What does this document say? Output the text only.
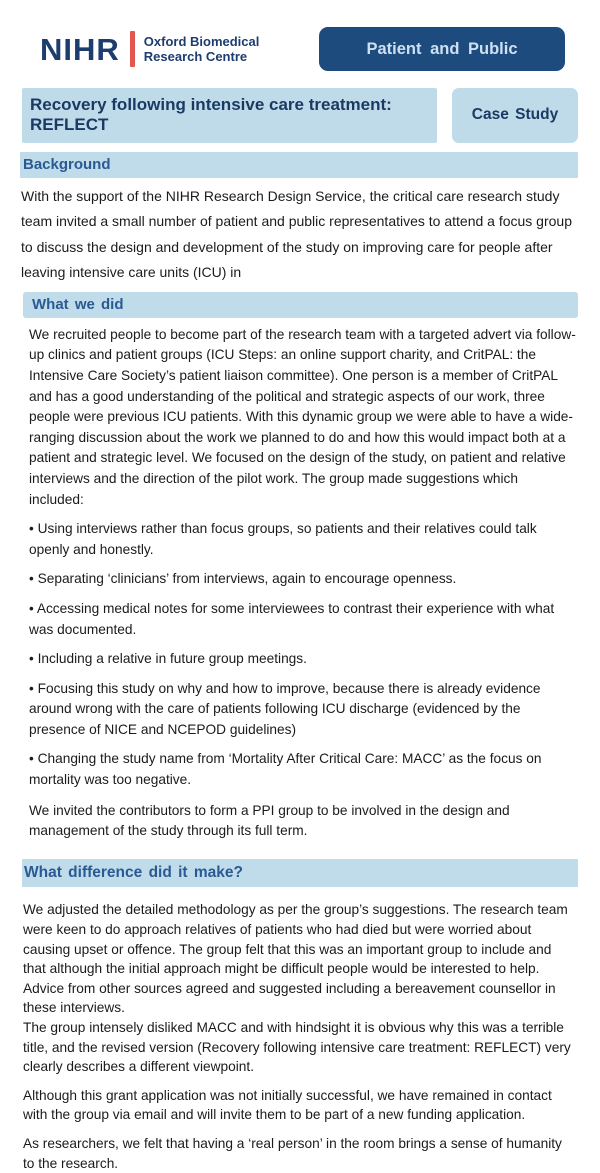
NIHR Oxford Biomedical
Research Centre	Patient and Public
Recovery following intensive care treatment: REFLECT
Case Study
Background

With the support of the NIHR Research Design Service, the critical care research study team invited a small number of patient and public representatives to attend a focus group to discuss the design and development of the study on improving care for people after leaving intensive care units (ICU) in

What we did

We recruited people to become part of the research team with a targeted advert via follow-up clinics and patient groups (ICU Steps: an online support charity, and CritPAL: the Intensive Care Society’s patient liaison committee). One person is a member of CritPAL and has a good understanding of the political and strategic aspects of our work, three people were previous ICU patients. With this dynamic group we were able to have a wide-ranging discussion about the work we planned to do and how this would impact both at a patient and strategic level. We focused on the design of the study, on patient and relative interviews and the direction of the pilot work. The group made suggestions which included:

• Using interviews rather than focus groups, so patients and their relatives could talk openly and honestly.

• Separating ‘clinicians’ from interviews, again to encourage openness.

• Accessing medical notes for some interviewees to contrast their experience with what was documented.

• Including a relative in future group meetings.

• Focusing this study on why and how to improve, because there is already evidence around wrong with the care of patients following ICU discharge (evidenced by the presence of NICE and NCEPOD guidelines)

• Changing the study name from ‘Mortality After Critical Care: MACC’ as the focus on mortality was too negative.

We invited the contributors to form a PPI group to be involved in the design and management of the study through its full term.

What difference did it make?

We adjusted the detailed methodology as per the group’s suggestions. The research team were keen to do approach relatives of patients who had died but were worried about causing upset or offence. The group felt that this was an important group to include and that although the initial approach might be difficult people would be interested to help. Advice from other sources agreed and suggested including a bereavement counsellor in these interviews.

The group intensely disliked MACC and with hindsight it is obvious why this was a terrible title, and the revised version (Recovery following intensive care treatment: REFLECT) very clearly describes a different viewpoint.

Although this grant application was not initially successful, we have remained in contact with the group via email and will invite them to be part of a new funding application.

As researchers, we felt that having a ‘real person’ in the room brings a sense of humanity to the research.
